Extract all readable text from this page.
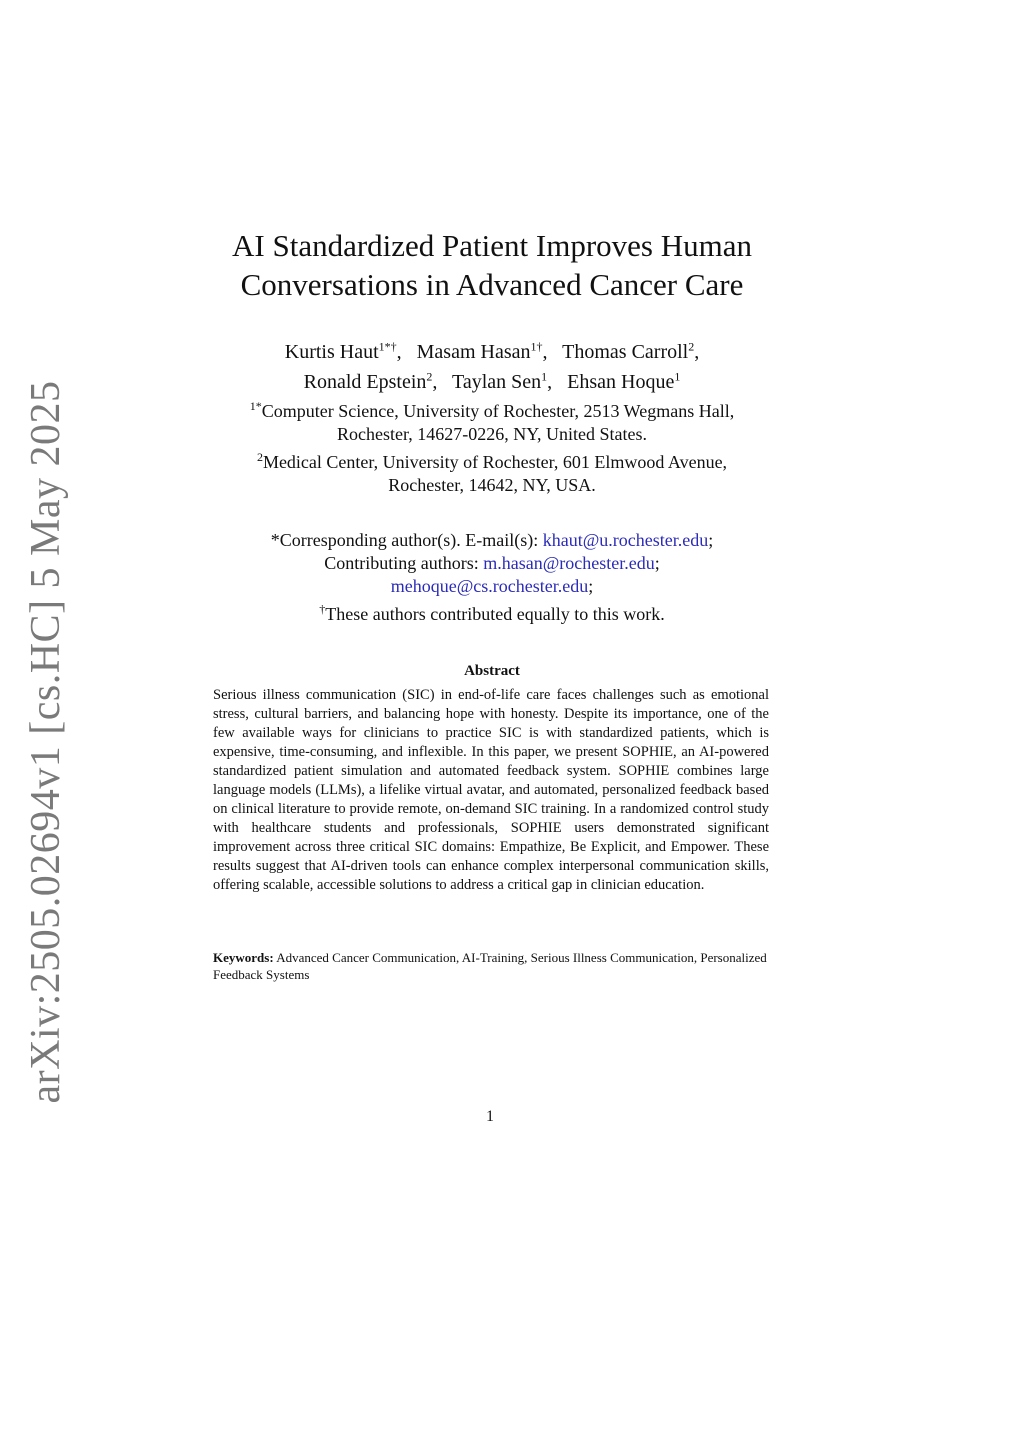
arXiv:2505.02694v1 [cs.HC] 5 May 2025
AI Standardized Patient Improves Human
Conversations in Advanced Cancer Care
Kurtis Haut$^{1*\dagger}$, Masam Hasan$^{1\dagger}$, Thomas Carroll$^2$,
Ronald Epstein$^2$, Taylan Sen$^1$, Ehsan Hoque$^1$
$^{1*}$Computer Science, University of Rochester, 2513 Wegmans Hall,
Rochester, 14627-0226, NY, United States.
$^2$Medical Center, University of Rochester, 601 Elmwood Avenue,
Rochester, 14642, NY, USA.
*Corresponding author(s). E-mail(s): khaut@u.rochester.edu;
Contributing authors: m.hasan@rochester.edu;
mehoque@cs.rochester.edu;
†These authors contributed equally to this work.
Abstract
Serious illness communication (SIC) in end-of-life care faces challenges such as emotional stress, cultural barriers, and balancing hope with honesty. Despite its importance, one of the few available ways for clinicians to practice SIC is with standardized patients, which is expensive, time-consuming, and inflexible. In this paper, we present SOPHIE, an AI-powered standardized patient simulation and automated feedback system. SOPHIE combines large language models (LLMs), a lifelike virtual avatar, and automated, personalized feedback based on clinical literature to provide remote, on-demand SIC training. In a randomized control study with healthcare students and professionals, SOPHIE users demonstrated significant improvement across three critical SIC domains: Empathize, Be Explicit, and Empower. These results suggest that AI-driven tools can enhance complex interpersonal communication skills, offering scalable, accessible solutions to address a critical gap in clinician education.
Keywords: Advanced Cancer Communication, AI-Training, Serious Illness Communication, Personalized Feedback Systems
1
